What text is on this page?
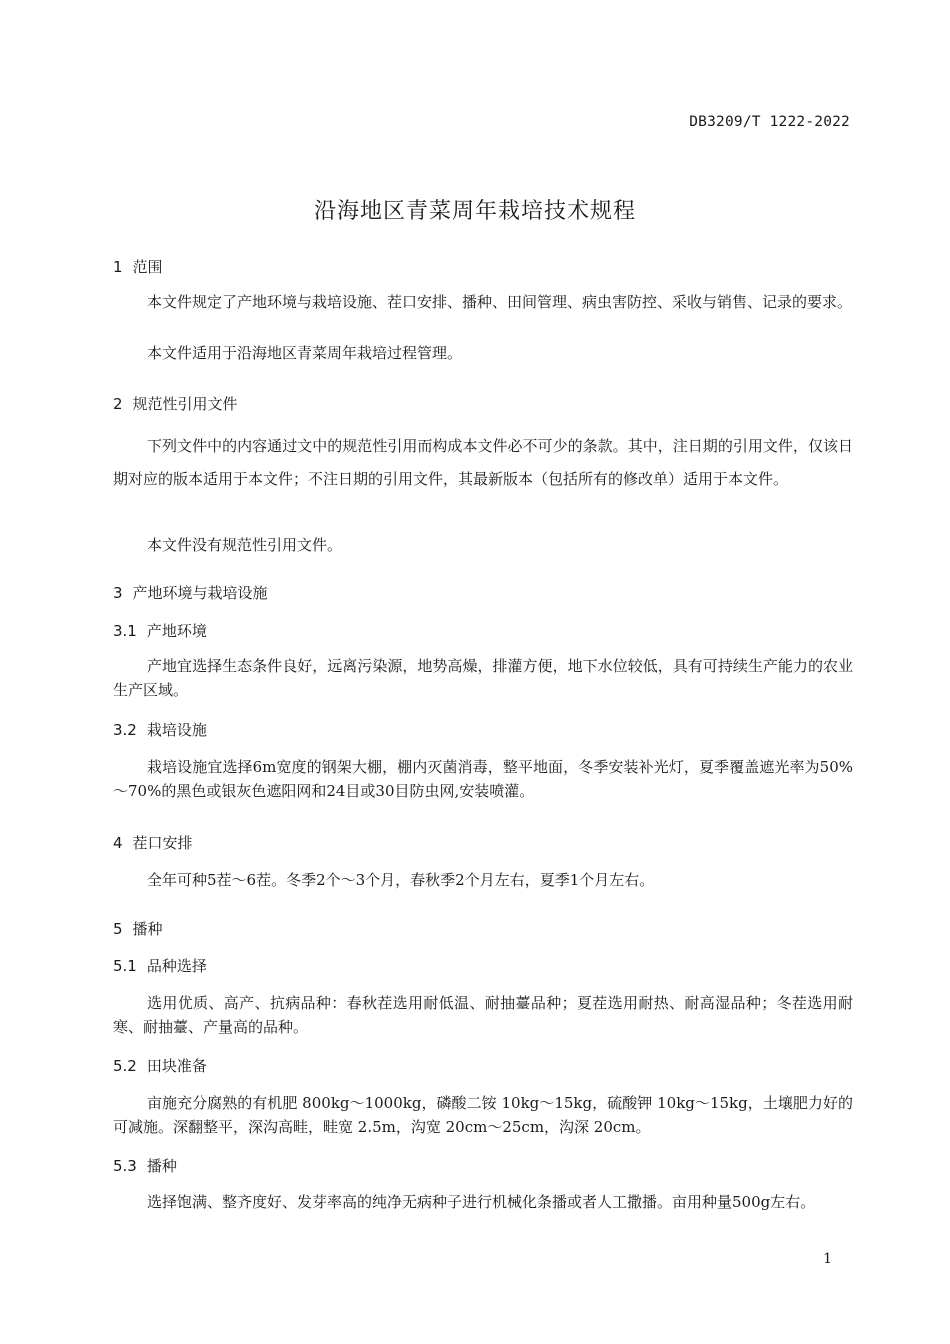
DB3209/T 1222-2022
沿海地区青菜周年栽培技术规程
1 范围
本文件规定了产地环境与栽培设施、茬口安排、播种、田间管理、病虫害防控、采收与销售、记录的要求。
本文件适用于沿海地区青菜周年栽培过程管理。
2 规范性引用文件
下列文件中的内容通过文中的规范性引用而构成本文件必不可少的条款。其中，注日期的引用文件，仅该日期对应的版本适用于本文件；不注日期的引用文件，其最新版本（包括所有的修改单）适用于本文件。
本文件没有规范性引用文件。
3 产地环境与栽培设施
3.1 产地环境
产地宜选择生态条件良好，远离污染源，地势高燥，排灌方便，地下水位较低，具有可持续生产能力的农业生产区域。
3.2 栽培设施
栽培设施宜选择6m宽度的钢架大棚，棚内灭菌消毒，整平地面，冬季安装补光灯，夏季覆盖遮光率为50%～70%的黑色或银灰色遮阳网和24目或30目防虫网,安装喷灌。
4 茬口安排
全年可种5茬～6茬。冬季2个～3个月，春秋季2个月左右，夏季1个月左右。
5 播种
5.1 品种选择
选用优质、高产、抗病品种：春秋茬选用耐低温、耐抽薹品种；夏茬选用耐热、耐高湿品种；冬茬选用耐寒、耐抽薹、产量高的品种。
5.2 田块准备
亩施充分腐熟的有机肥 800kg～1000kg，磷酸二铵 10kg～15kg，硫酸钾 10kg～15kg，土壤肥力好的可减施。深翻整平，深沟高畦，畦宽 2.5m，沟宽 20cm～25cm，沟深 20cm。
5.3 播种
选择饱满、整齐度好、发芽率高的纯净无病种子进行机械化条播或者人工撒播。亩用种量500g左右。
1
